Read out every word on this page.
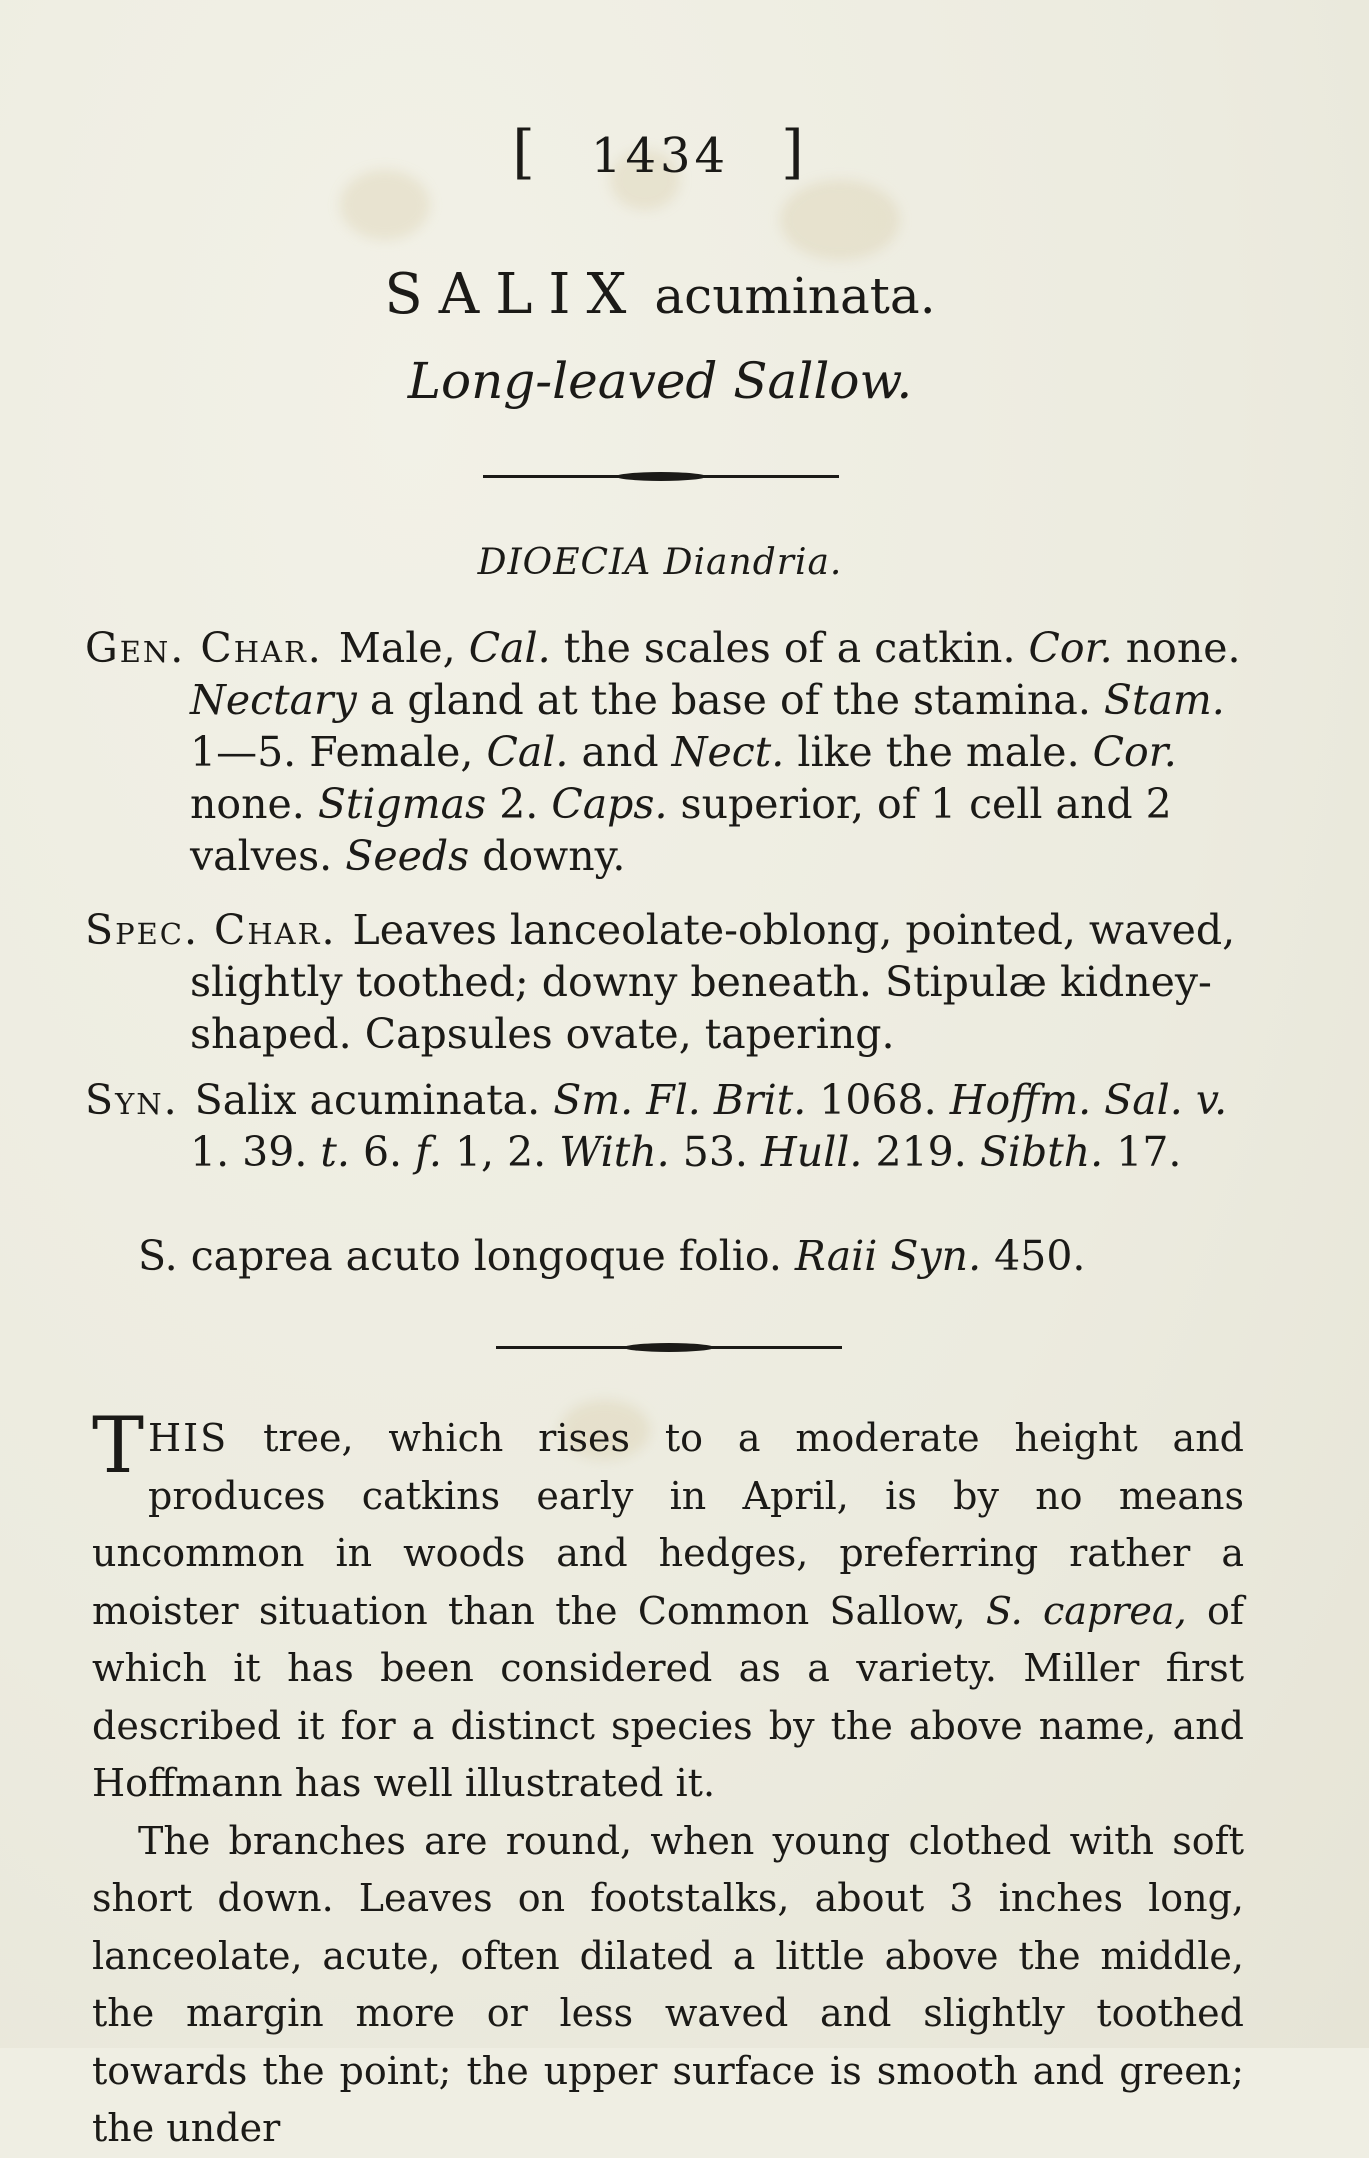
[ 1434 ]
SALIX acuminata.
Long-leaved Sallow.
DIOECIA Diandria.

Gen. Char. Male, Cal. the scales of a catkin. Cor. none. Nectary a gland at the base of the stamina. Stam. 1—5. Female, Cal. and Nect. like the male. Cor. none. Stigmas 2. Caps. superior, of 1 cell and 2 valves. Seeds downy.

Spec. Char. Leaves lanceolate-oblong, pointed, waved, slightly toothed; downy beneath. Stipulæ kidney-shaped. Capsules ovate, tapering.

Syn. Salix acuminata. Sm. Fl. Brit. 1068. Hoffm. Sal. v. 1. 39. t. 6. f. 1, 2. With. 53. Hull. 219. Sibth. 17.

S. caprea acuto longoque folio. Raii Syn. 450.

THIS tree, which rises to a moderate height and produces catkins early in April, is by no means uncommon in woods and hedges, preferring rather a moister situation than the Common Sallow, S. caprea, of which it has been considered as a variety. Miller first described it for a distinct species by the above name, and Hoffmann has well illustrated it.

The branches are round, when young clothed with soft short down. Leaves on footstalks, about 3 inches long, lanceolate, acute, often dilated a little above the middle, the margin more or less waved and slightly toothed towards the point; the upper surface is smooth and green; the under
